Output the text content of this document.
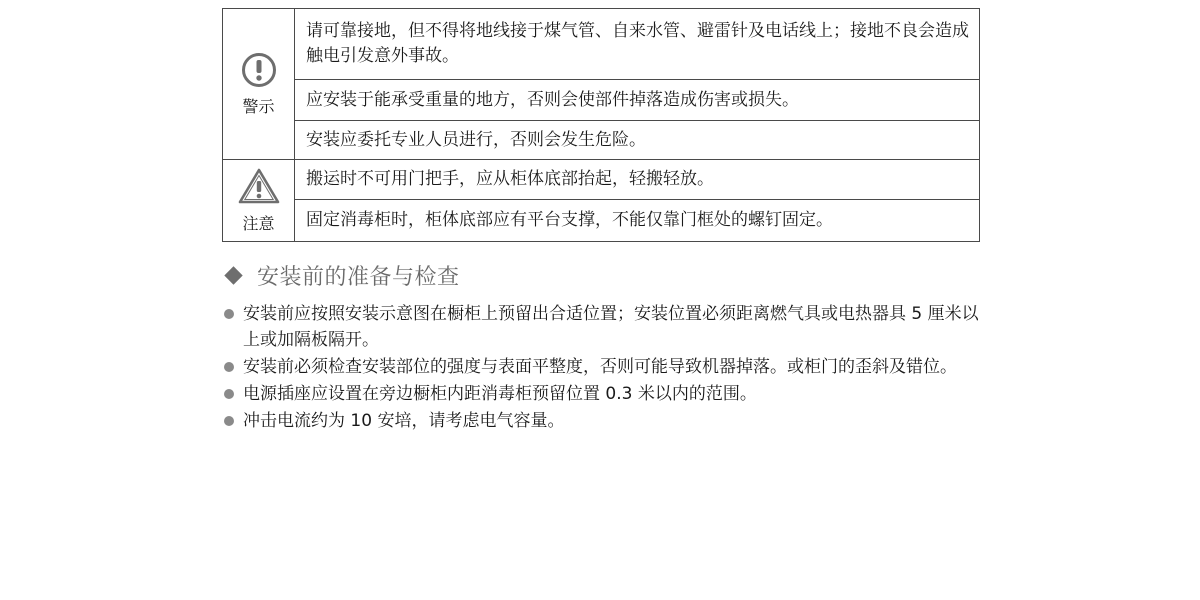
警示	请可靠接地，但不得将地线接于煤气管、自来水管、避雷针及电话线上；接地不良会造成触电引发意外事故。
	应安装于能承受重量的地方，否则会使部件掉落造成伤害或损失。
	安装应委托专业人员进行，否则会发生危险。

注意	搬运时不可用门把手，应从柜体底部抬起，轻搬轻放。
	固定消毒柜时，柜体底部应有平台支撑，不能仅靠门框处的螺钉固定。
安装前的准备与检查
安装前应按照安装示意图在橱柜上预留出合适位置；安装位置必须距离燃气具或电热器具 5 厘米以上或加隔板隔开。
安装前必须检查安装部位的强度与表面平整度，否则可能导致机器掉落。或柜门的歪斜及错位。
电源插座应设置在旁边橱柜内距消毒柜预留位置 0.3 米以内的范围。
冲击电流约为 10 安培，请考虑电气容量。
